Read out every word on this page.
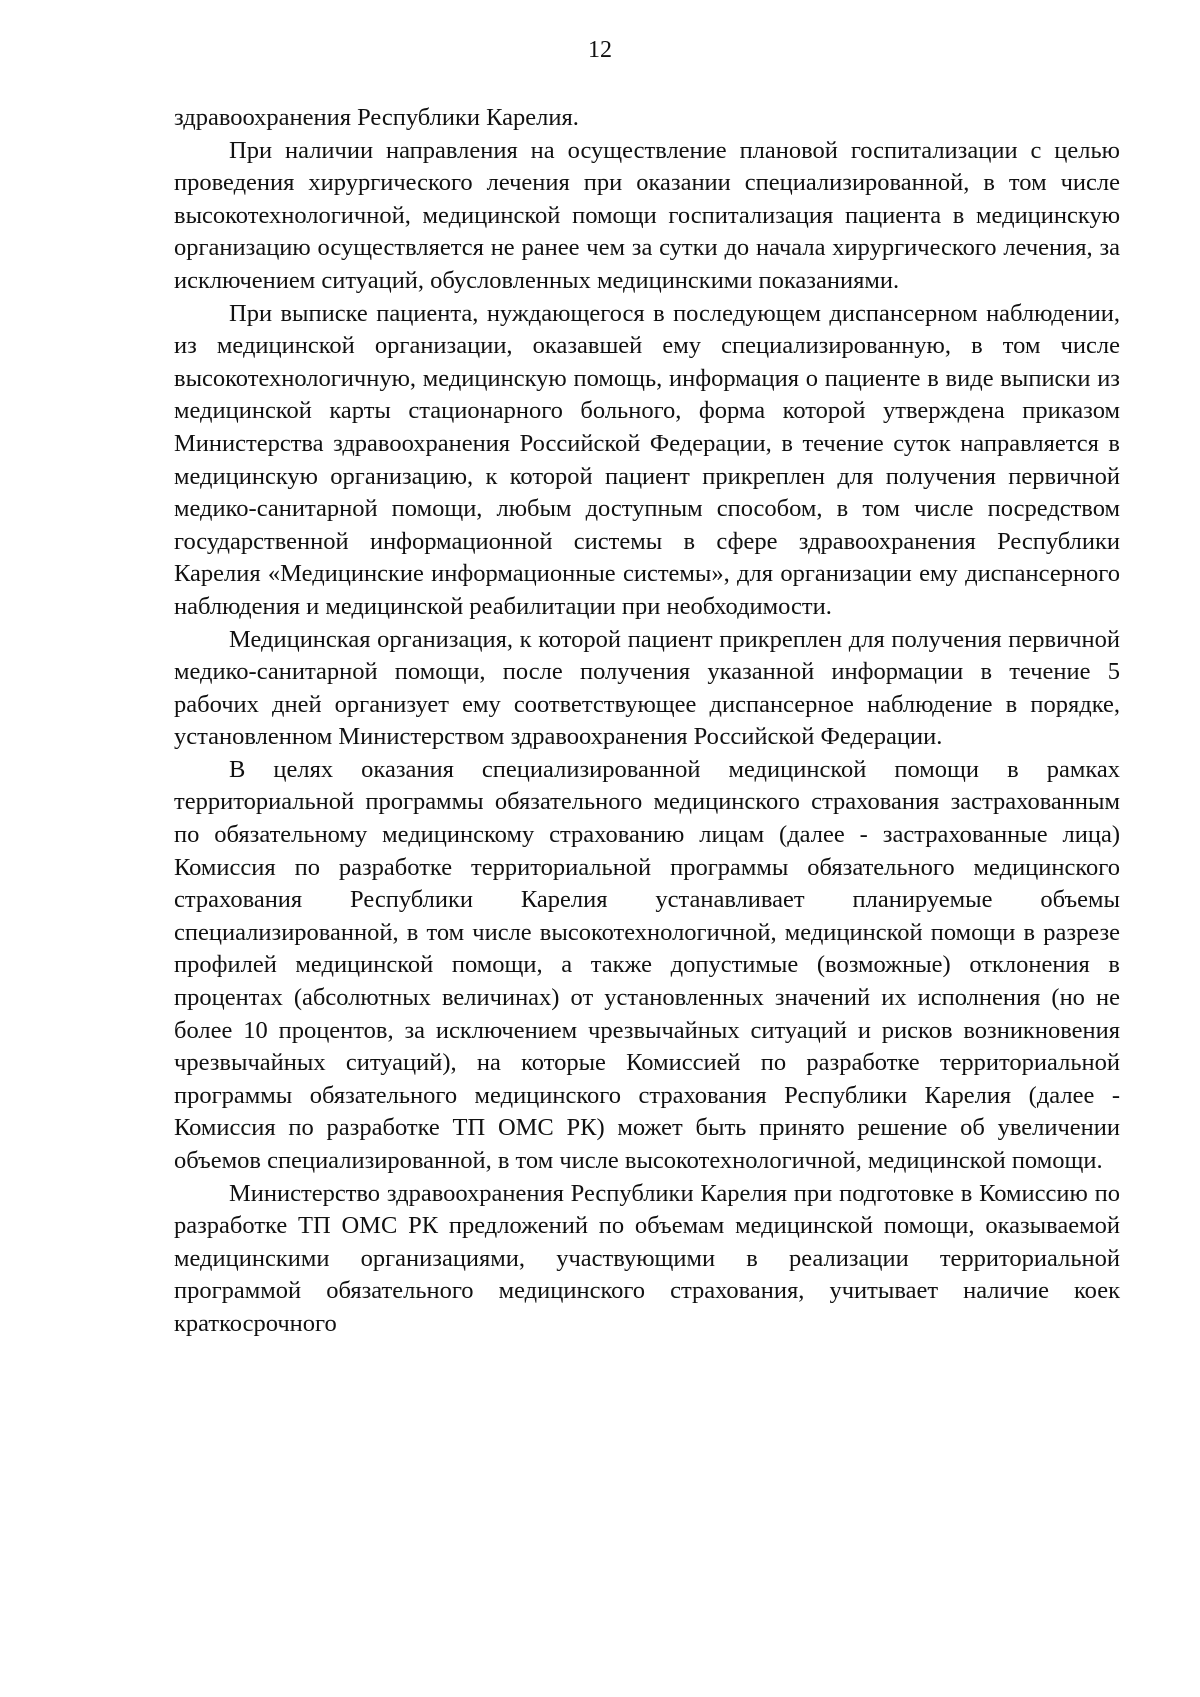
12

здравоохранения Республики Карелия.

При наличии направления на осуществление плановой госпитализации с целью проведения хирургического лечения при оказании специализированной, в том числе высокотехнологичной, медицинской помощи госпитализация пациента в медицинскую организацию осуществляется не ранее чем за сутки до начала хирургического лечения, за исключением ситуаций, обусловленных медицинскими показаниями.

При выписке пациента, нуждающегося в последующем диспансерном наблюдении, из медицинской организации, оказавшей ему специализированную, в том числе высокотехнологичную, медицинскую помощь, информация о пациенте в виде выписки из медицинской карты стационарного больного, форма которой утверждена приказом Министерства здравоохранения Российской Федерации, в течение суток направляется в медицинскую организацию, к которой пациент прикреплен для получения первичной медико-санитарной помощи, любым доступным способом, в том числе посредством государственной информационной системы в сфере здравоохранения Республики Карелия «Медицинские информационные системы», для организации ему диспансерного наблюдения и медицинской реабилитации при необходимости.

Медицинская организация, к которой пациент прикреплен для получения первичной медико-санитарной помощи, после получения указанной информации в течение 5 рабочих дней организует ему соответствующее диспансерное наблюдение в порядке, установленном Министерством здравоохранения Российской Федерации.

В целях оказания специализированной медицинской помощи в рамках территориальной программы обязательного медицинского страхования застрахованным по обязательному медицинскому страхованию лицам (далее - застрахованные лица) Комиссия по разработке территориальной программы обязательного медицинского страхования Республики Карелия устанавливает планируемые объемы специализированной, в том числе высокотехнологичной, медицинской помощи в разрезе профилей медицинской помощи, а также допустимые (возможные) отклонения в процентах (абсолютных величинах) от установленных значений их исполнения (но не более 10 процентов, за исключением чрезвычайных ситуаций и рисков возникновения чрезвычайных ситуаций), на которые Комиссией по разработке территориальной программы обязательного медицинского страхования Республики Карелия (далее - Комиссия по разработке ТП ОМС РК) может быть принято решение об увеличении объемов специализированной, в том числе высокотехнологичной, медицинской помощи.

Министерство здравоохранения Республики Карелия при подготовке в Комиссию по разработке ТП ОМС РК предложений по объемам медицинской помощи, оказываемой медицинскими организациями, участвующими в реализации территориальной программой обязательного медицинского страхования, учитывает наличие коек краткосрочного
